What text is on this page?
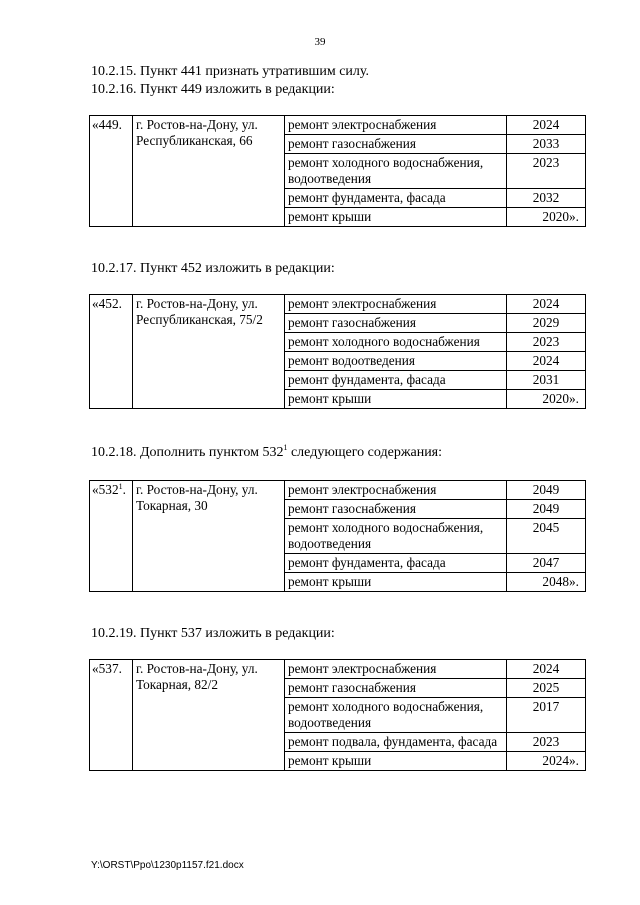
39
10.2.15. Пункт 441 признать утратившим силу.
10.2.16. Пункт 449 изложить в редакции:
«449.	г. Ростов-на-Дону, ул. Республиканская, 66	ремонт электроснабжения	2024
		ремонт газоснабжения	2033
		ремонт холодного водоснабжения, водоотведения	2023
		ремонт фундамента, фасада	2032
		ремонт крыши	2020».
10.2.17. Пункт 452 изложить в редакции:
«452.	г. Ростов-на-Дону, ул. Республиканская, 75/2	ремонт электроснабжения	2024
		ремонт газоснабжения	2029
		ремонт холодного водоснабжения	2023
		ремонт водоотведения	2024
		ремонт фундамента, фасада	2031
		ремонт крыши	2020».
10.2.18. Дополнить пунктом $532^1$ следующего содержания:
«$532^1$.	г. Ростов-на-Дону, ул. Токарная, 30	ремонт электроснабжения	2049
		ремонт газоснабжения	2049
		ремонт холодного водоснабжения, водоотведения	2045
		ремонт фундамента, фасада	2047
		ремонт крыши	2048».
10.2.19. Пункт 537 изложить в редакции:
«537.	г. Ростов-на-Дону, ул. Токарная, 82/2	ремонт электроснабжения	2024
		ремонт газоснабжения	2025
		ремонт холодного водоснабжения, водоотведения	2017
		ремонт подвала, фундамента, фасада	2023
		ремонт крыши	2024».
Y:\ORST\Ppo\1230p1157.f21.docx
